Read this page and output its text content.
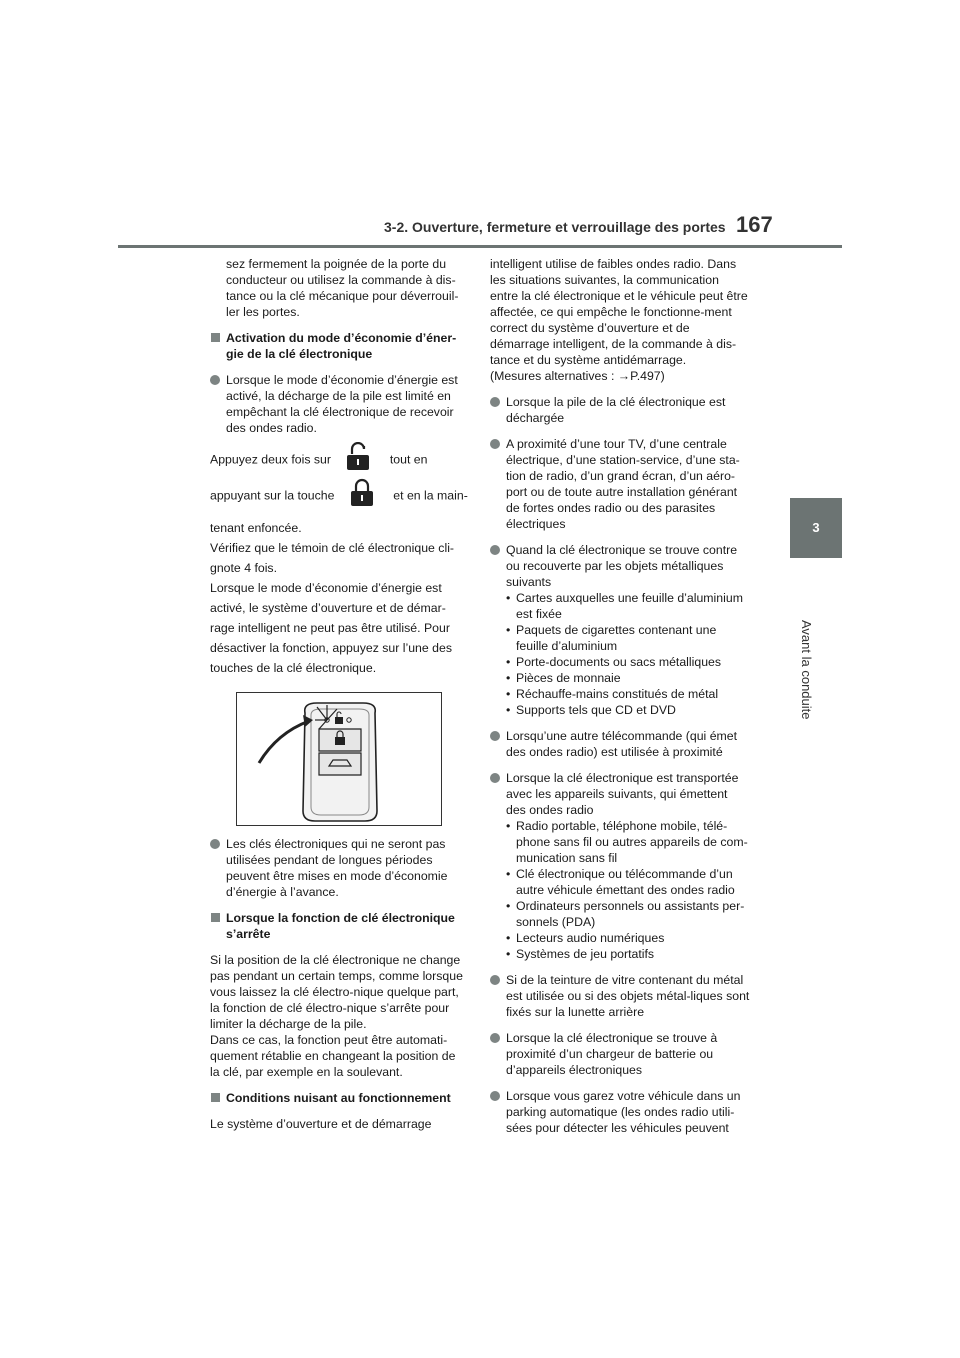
3-2. Ouverture, fermeture et verrouillage des portes 167
3
Avant la conduite

sez fermement la poignée de la porte du conducteur ou utilisez la commande à dis-tance ou la clé mécanique pour déverrouil-ler les portes.

Activation du mode d’économie d’éner-gie de la clé électronique
Lorsque le mode d’économie d’énergie est activé, la décharge de la pile est limité en empêchant la clé électronique de recevoir des ondes radio.
Appuyez deux fois sur	tout en
appuyant sur la touche	et en la main-

tenant enfoncée.

Vérifiez que le témoin de clé électronique cli-

gnote 4 fois.

Lorsque le mode d’économie d’énergie est

activé, le système d’ouverture et de démar-

rage intelligent ne peut pas être utilisé. Pour

désactiver la fonction, appuyez sur l’une des

touches de la clé électronique.

Les clés électroniques qui ne seront pas utilisées pendant de longues périodes peuvent être mises en mode d’économie d’énergie à l’avance.
Lorsque la fonction de clé électronique s’arrête

Si la position de la clé électronique ne change pas pendant un certain temps, comme lorsque vous laissez la clé électro-nique quelque part, la fonction de clé électro-nique s’arrête pour limiter la décharge de la pile.

Dans ce cas, la fonction peut être automati-quement rétablie en changeant la position de la clé, par exemple en la soulevant.

Conditions nuisant au fonctionnement

Le système d’ouverture et de démarrage

intelligent utilise de faibles ondes radio. Dans les situations suivantes, la communication entre la clé électronique et le véhicule peut être affectée, ce qui empêche le fonctionne-ment correct du système d’ouverture et de démarrage intelligent, de la commande à dis-tance et du système antidémarrage.

(Mesures alternatives : →P.497)

Lorsque la pile de la clé électronique est déchargée
A proximité d’une tour TV, d’une centrale électrique, d’une station-service, d’une sta-tion de radio, d’un grand écran, d’un aéro-port ou de toute autre installation générant de fortes ondes radio ou des parasites électriques
Quand la clé électronique se trouve contre ou recouverte par les objets métalliques suivants
• Cartes auxquelles une feuille d’aluminium est fixée
• Paquets de cigarettes contenant une feuille d’aluminium
• Porte-documents ou sacs métalliques
• Pièces de monnaie
• Réchauffe-mains constitués de métal
• Supports tels que CD et DVD
Lorsqu’une autre télécommande (qui émet des ondes radio) est utilisée à proximité
Lorsque la clé électronique est transportée avec les appareils suivants, qui émettent des ondes radio
• Radio portable, téléphone mobile, télé-phone sans fil ou autres appareils de com-munication sans fil
• Clé électronique ou télécommande d’un autre véhicule émettant des ondes radio
• Ordinateurs personnels ou assistants per-sonnels (PDA)
• Lecteurs audio numériques
• Systèmes de jeu portatifs
Si de la teinture de vitre contenant du métal est utilisée ou si des objets métal-liques sont fixés sur la lunette arrière
Lorsque la clé électronique se trouve à proximité d’un chargeur de batterie ou d’appareils électroniques
Lorsque vous garez votre véhicule dans un parking automatique (les ondes radio utili-sées pour détecter les véhicules peuvent
